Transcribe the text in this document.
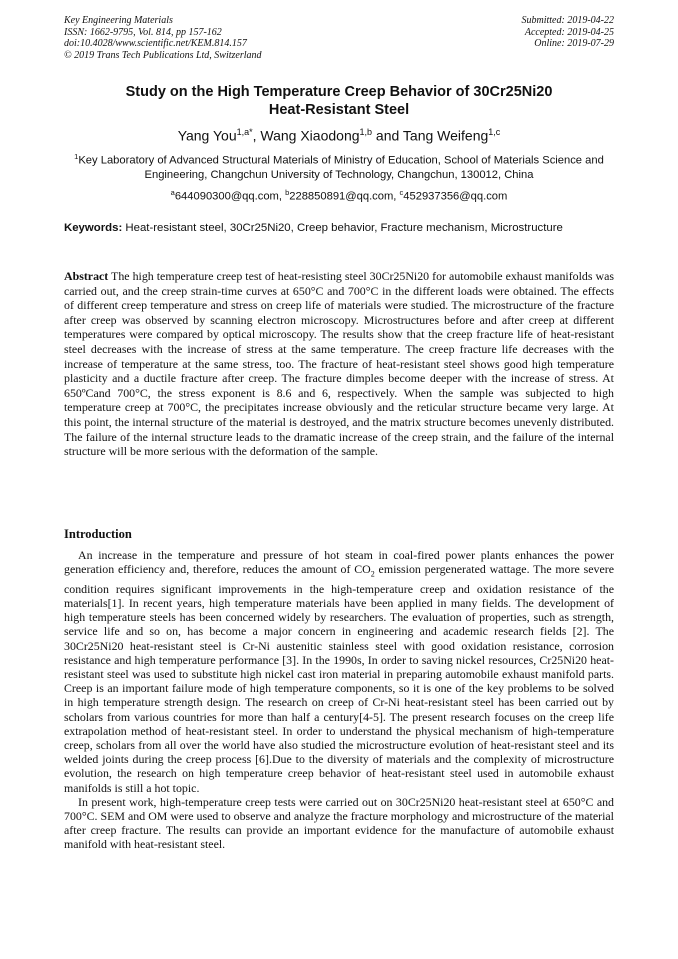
Key Engineering Materials
ISSN: 1662-9795, Vol. 814, pp 157-162
doi:10.4028/www.scientific.net/KEM.814.157
© 2019 Trans Tech Publications Ltd, Switzerland
Submitted: 2019-04-22
Accepted: 2019-04-25
Online: 2019-07-29
Study on the High Temperature Creep Behavior of 30Cr25Ni20
Heat-Resistant Steel
Yang You$^{1,a*}$, Wang Xiaodong$^{1,b}$ and Tang Weifeng$^{1,c}$
$^1$Key Laboratory of Advanced Structural Materials of Ministry of Education, School of Materials Science and Engineering, Changchun University of Technology, Changchun, 130012, China
$^a$644090300@qq.com, $^b$228850891@qq.com, $^c$452937356@qq.com
Keywords: Heat-resistant steel, 30Cr25Ni20, Creep behavior, Fracture mechanism, Microstructure
Abstract The high temperature creep test of heat-resisting steel 30Cr25Ni20 for automobile exhaust manifolds was carried out, and the creep strain-time curves at 650°C and 700°C in the different loads were obtained. The effects of different creep temperature and stress on creep life of materials were studied. The microstructure of the fracture after creep was observed by scanning electron microscopy. Microstructures before and after creep at different temperatures were compared by optical microscopy. The results show that the creep fracture life of heat-resistant steel decreases with the increase of stress at the same temperature. The creep fracture life decreases with the increase of temperature at the same stress, too. The fracture of heat-resistant steel shows good high temperature plasticity and a ductile fracture after creep. The fracture dimples become deeper with the increase of stress. At 650ºCand 700°C, the stress exponent is 8.6 and 6, respectively. When the sample was subjected to high temperature creep at 700°C, the precipitates increase obviously and the reticular structure became very large. At this point, the internal structure of the material is destroyed, and the matrix structure becomes unevenly distributed. The failure of the internal structure leads to the dramatic increase of the creep strain, and the failure of the internal structure will be more serious with the deformation of the sample.
Introduction

An increase in the temperature and pressure of hot steam in coal-fired power plants enhances the power generation efficiency and, therefore, reduces the amount of $CO_2$ emission pergenerated wattage. The more severe condition requires significant improvements in the high-temperature creep and oxidation resistance of the materials[1]. In recent years, high temperature materials have been applied in many fields. The development of high temperature steels has been concerned widely by researchers. The evaluation of properties, such as strength, service life and so on, has become a major concern in engineering and academic research fields [2]. The 30Cr25Ni20 heat-resistant steel is Cr-Ni austenitic stainless steel with good oxidation resistance, corrosion resistance and high temperature performance [3]. In the 1990s, In order to saving nickel resources, Cr25Ni20 heat-resistant steel was used to substitute high nickel cast iron material in preparing automobile exhaust manifold parts. Creep is an important failure mode of high temperature components, so it is one of the key problems to be solved in high temperature strength design. The research on creep of Cr-Ni heat-resistant steel has been carried out by scholars from various countries for more than half a century[4-5]. The present research focuses on the creep life extrapolation method of heat-resistant steel. In order to understand the physical mechanism of high-temperature creep, scholars from all over the world have also studied the microstructure evolution of heat-resistant steel and its welded joints during the creep process [6].Due to the diversity of materials and the complexity of microstructure evolution, the research on high temperature creep behavior of heat-resistant steel used in automobile exhaust manifolds is still a hot topic.

In present work, high-temperature creep tests were carried out on 30Cr25Ni20 heat-resistant steel at 650°C and 700°C. SEM and OM were used to observe and analyze the fracture morphology and microstructure of the material after creep fracture. The results can provide an important evidence for the manufacture of automobile exhaust manifold with heat-resistant steel.
